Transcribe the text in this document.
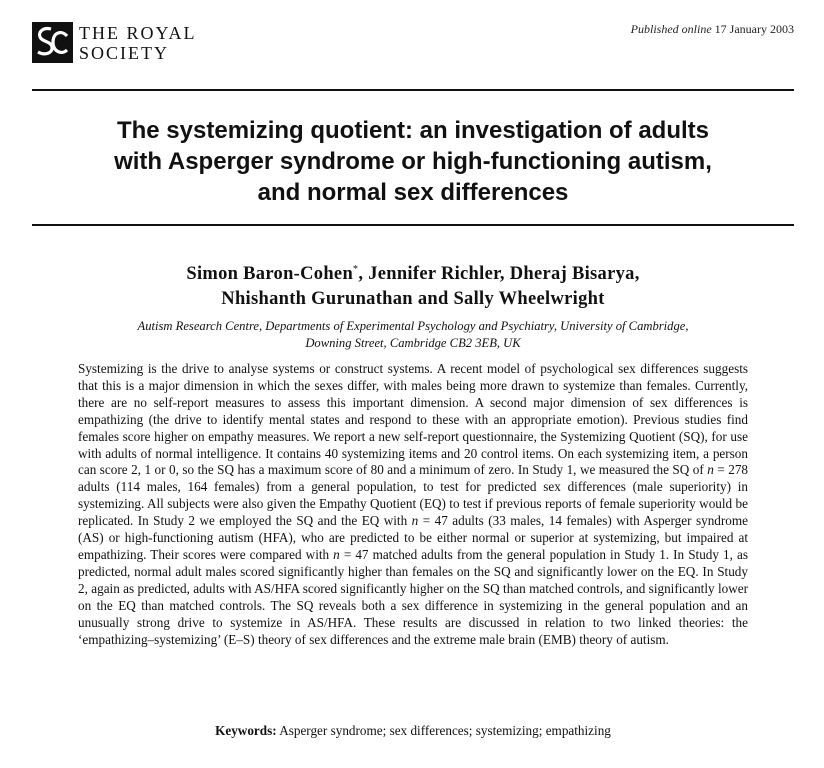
THE ROYAL
SOCIETY
Published online 17 January 2003
The systemizing quotient: an investigation of adults
with Asperger syndrome or high-functioning autism,
and normal sex differences
Simon Baron-Cohen*, Jennifer Richler, Dheraj Bisarya,
Nhishanth Gurunathan and Sally Wheelwright
Autism Research Centre, Departments of Experimental Psychology and Psychiatry, University of Cambridge,
Downing Street, Cambridge CB2 3EB, UK
Systemizing is the drive to analyse systems or construct systems. A recent model of psychological sex differences suggests that this is a major dimension in which the sexes differ, with males being more drawn to systemize than females. Currently, there are no self-report measures to assess this important dimension. A second major dimension of sex differences is empathizing (the drive to identify mental states and respond to these with an appropriate emotion). Previous studies find females score higher on empathy measures. We report a new self-report questionnaire, the Systemizing Quotient (SQ), for use with adults of normal intelligence. It contains 40 systemizing items and 20 control items. On each systemizing item, a person can score 2, 1 or 0, so the SQ has a maximum score of 80 and a minimum of zero. In Study 1, we measured the SQ of n = 278 adults (114 males, 164 females) from a general population, to test for predicted sex differences (male superiority) in systemizing. All subjects were also given the Empathy Quotient (EQ) to test if previous reports of female superiority would be replicated. In Study 2 we employed the SQ and the EQ with n = 47 adults (33 males, 14 females) with Asperger syndrome (AS) or high-functioning autism (HFA), who are predicted to be either normal or superior at systemizing, but impaired at empathizing. Their scores were compared with n = 47 matched adults from the general population in Study 1. In Study 1, as predicted, normal adult males scored significantly higher than females on the SQ and significantly lower on the EQ. In Study 2, again as predicted, adults with AS/HFA scored significantly higher on the SQ than matched controls, and significantly lower on the EQ than matched controls. The SQ reveals both a sex difference in systemizing in the general population and an unusually strong drive to systemize in AS/HFA. These results are discussed in relation to two linked theories: the ‘empathizing–systemizing’ (E–S) theory of sex differences and the extreme male brain (EMB) theory of autism.
Keywords: Asperger syndrome; sex differences; systemizing; empathizing
